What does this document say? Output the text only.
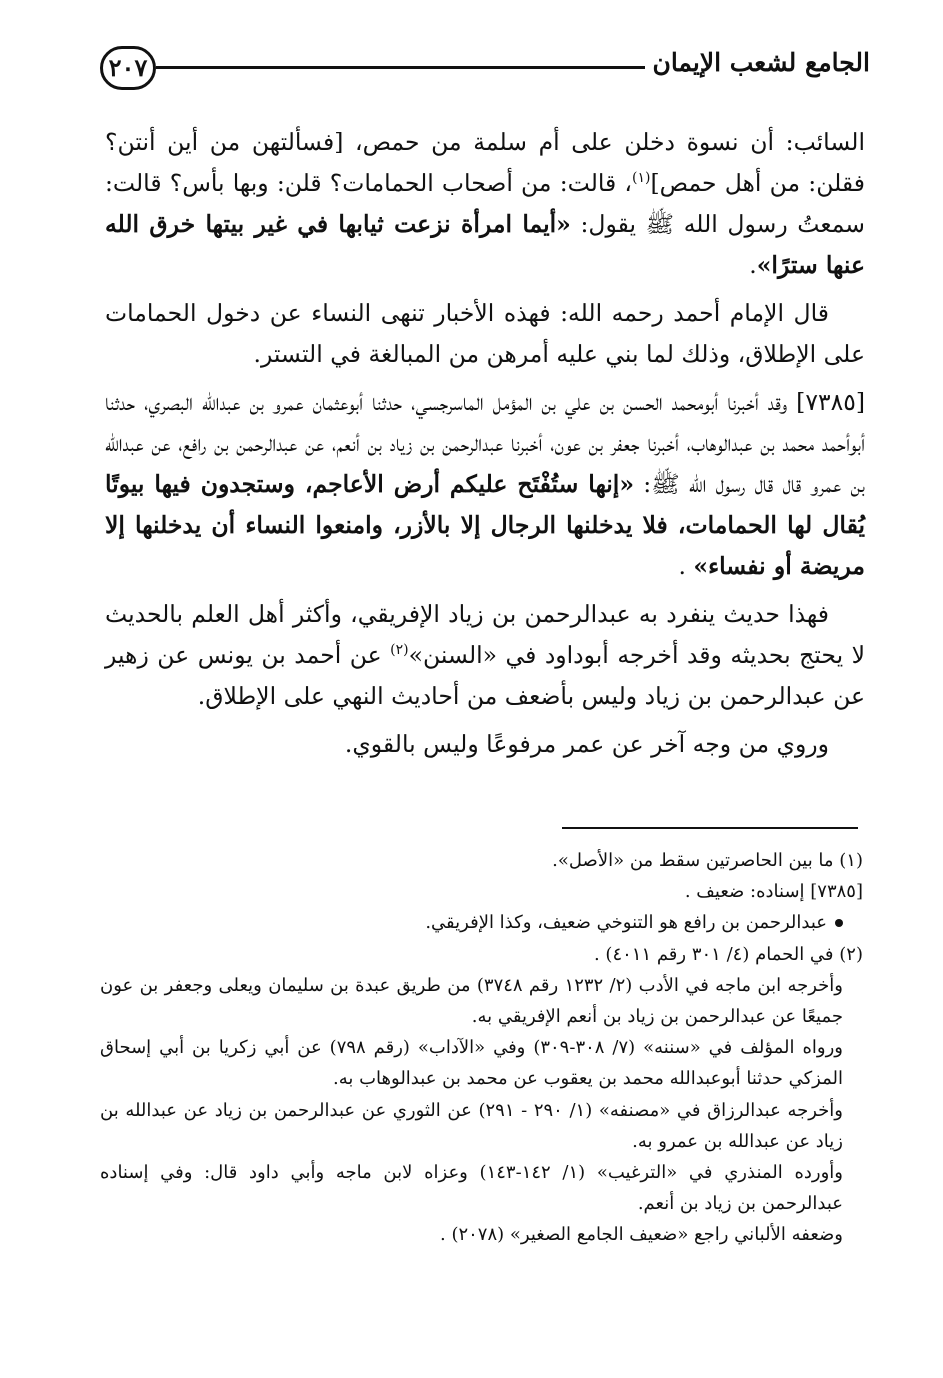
٢٠٧	الجامع لشعب الإيمان

السائب: أن نسوة دخلن على أم سلمة من حمص، [فسألتهن من أين أنتن؟ فقلن: من أهل حمص]$^{(١)}$، قالت: من أصحاب الحمامات؟ قلن: وبها بأس؟ قالت: سمعتُ رسول الله ﷺ يقول: «أيما امرأة نزعت ثيابها في غير بيتها خرق الله عنها سترًا».

قال الإمام أحمد رحمه الله: فهذه الأخبار تنهى النساء عن دخول الحمامات على الإطلاق، وذلك لما بني عليه أمرهن من المبالغة في التستر.

[٧٣٨٥] وقد أخبرنا أبومحمد الحسن بن علي بن المؤمل الماسرجسي، حدثنا أبوعثمان عمرو بن عبدالله البصري، حدثنا أبوأحمد محمد بن عبدالوهاب، أخبرنا جعفر بن عون، أخبرنا عبدالرحمن بن زياد بن أنعم، عن عبدالرحمن بن رافع، عن عبدالله بن عمرو قال قال رسول الله ﷺ: «إنها ستُفْتَح عليكم أرض الأعاجم، وستجدون فيها بيوتًا يُقال لها الحمامات، فلا يدخلنها الرجال إلا بالأزر، وامنعوا النساء أن يدخلنها إلا مريضة أو نفساء» .

فهذا حديث ينفرد به عبدالرحمن بن زياد الإفريقي، وأكثر أهل العلم بالحديث لا يحتج بحديثه وقد أخرجه أبوداود في «السنن»$^{(٢)}$ عن أحمد بن يونس عن زهير عن عبدالرحمن بن زياد وليس بأضعف من أحاديث النهي على الإطلاق.

وروي من وجه آخر عن عمر مرفوعًا وليس بالقوي.

(١) ما بين الحاصرتين سقط من «الأصل».

[٧٣٨٥] إسناده: ضعيف .

عبدالرحمن بن رافع هو التنوخي ضعيف، وكذا الإفريقي.

(٢) في الحمام (٤/ ٣٠١ رقم ٤٠١١) .

وأخرجه ابن ماجه في الأدب (٢/ ١٢٣٢ رقم ٣٧٤٨) من طريق عبدة بن سليمان ويعلى وجعفر بن عون جميعًا عن عبدالرحمن بن زياد بن أنعم الإفريقي به.

ورواه المؤلف في «سننه» (٧/ ٣٠٨-٣٠٩) وفي «الآداب» (رقم ٧٩٨) عن أبي زكريا بن أبي إسحاق المزكي حدثنا أبوعبدالله محمد بن يعقوب عن محمد بن عبدالوهاب به.

وأخرجه عبدالرزاق في «مصنفه» (١/ ٢٩٠ - ٢٩١) عن الثوري عن عبدالرحمن بن زياد عن عبدالله بن زياد عن عبدالله بن عمرو به.

وأورده المنذري في «الترغيب» (١/ ١٤٢-١٤٣) وعزاه لابن ماجه وأبي داود قال: وفي إسناده عبدالرحمن بن زياد بن أنعم.

وضعفه الألباني راجع «ضعيف الجامع الصغير» (٢٠٧٨) .
